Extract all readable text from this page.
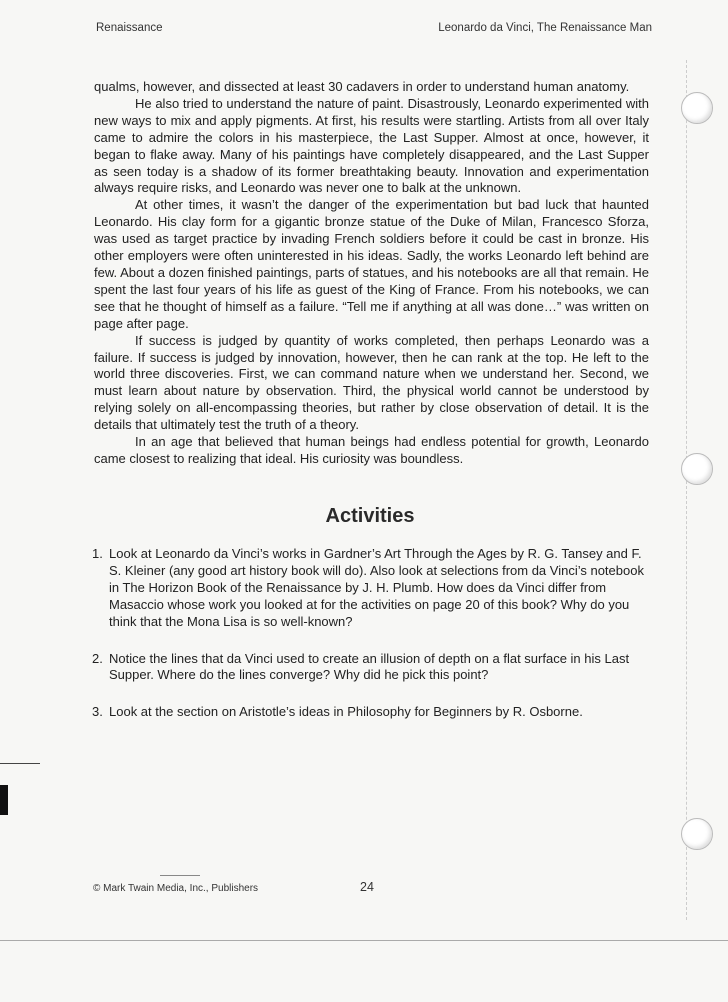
Renaissance	Leonardo da Vinci, The Renaissance Man

qualms, however, and dissected at least 30 cadavers in order to understand human anatomy.

He also tried to understand the nature of paint. Disastrously, Leonardo experimented with new ways to mix and apply pigments. At first, his results were startling. Artists from all over Italy came to admire the colors in his masterpiece, the Last Supper. Almost at once, however, it began to flake away. Many of his paintings have completely disappeared, and the Last Supper as seen today is a shadow of its former breathtaking beauty. Innovation and experimentation always require risks, and Leonardo was never one to balk at the unknown.

At other times, it wasn’t the danger of the experimentation but bad luck that haunted Leonardo. His clay form for a gigantic bronze statue of the Duke of Milan, Francesco Sforza, was used as target practice by invading French soldiers before it could be cast in bronze. His other employers were often uninterested in his ideas. Sadly, the works Leonardo left behind are few. About a dozen finished paintings, parts of statues, and his notebooks are all that remain. He spent the last four years of his life as guest of the King of France. From his notebooks, we can see that he thought of himself as a failure. “Tell me if anything at all was done…” was written on page after page.

If success is judged by quantity of works completed, then perhaps Leonardo was a failure. If success is judged by innovation, however, then he can rank at the top. He left to the world three discoveries. First, we can command nature when we understand her. Second, we must learn about nature by observation. Third, the physical world cannot be understood by relying solely on all-encompassing theories, but rather by close observation of detail. It is the details that ultimately test the truth of a theory.

In an age that believed that human beings had endless potential for growth, Leonardo came closest to realizing that ideal. His curiosity was boundless.

Activities
1. Look at Leonardo da Vinci’s works in Gardner’s Art Through the Ages by R. G. Tansey and F. S. Kleiner (any good art history book will do). Also look at selections from da Vinci’s notebook in The Horizon Book of the Renaissance by J. H. Plumb. How does da Vinci differ from Masaccio whose work you looked at for the activities on page 20 of this book? Why do you think that the Mona Lisa is so well-known?
2. Notice the lines that da Vinci used to create an illusion of depth on a flat surface in his Last Supper. Where do the lines converge? Why did he pick this point?
3. Look at the section on Aristotle’s ideas in Philosophy for Beginners by R. Osborne.
© Mark Twain Media, Inc., Publishers	24
